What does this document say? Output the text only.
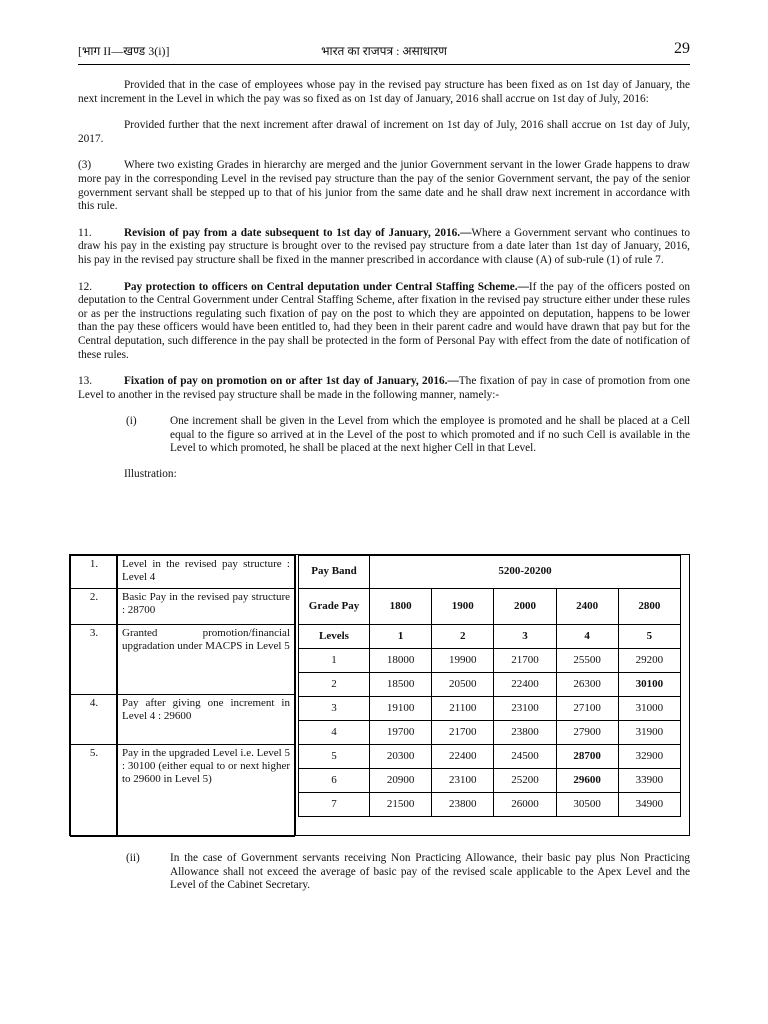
[भाग II—खण्ड 3(i)]	भारत का राजपत्र : असाधारण	29

Provided that in the case of employees whose pay in the revised pay structure has been fixed as on 1st day of January, the next increment in the Level in which the pay was so fixed as on 1st day of January, 2016 shall accrue on 1st day of July, 2016:

Provided further that the next increment after drawal of increment on 1st day of July, 2016 shall accrue on 1st day of July, 2017.

(3)	Where two existing Grades in hierarchy are merged and the junior Government servant in the lower Grade happens to draw more pay in the corresponding Level in the revised pay structure than the pay of the senior Government servant, the pay of the senior government servant shall be stepped up to that of his junior from the same date and he shall draw next increment in accordance with this rule.

11.	Revision of pay from a date subsequent to 1st day of January, 2016.—Where a Government servant who continues to draw his pay in the existing pay structure is brought over to the revised pay structure from a date later than 1st day of January, 2016, his pay in the revised pay structure shall be fixed in the manner prescribed in accordance with clause (A) of sub-rule (1) of rule 7.

12.	Pay protection to officers on Central deputation under Central Staffing Scheme.—If the pay of the officers posted on deputation to the Central Government under Central Staffing Scheme, after fixation in the revised pay structure either under these rules or as per the instructions regulating such fixation of pay on the post to which they are appointed on deputation, happens to be lower than the pay these officers would have been entitled to, had they been in their parent cadre and would have drawn that pay but for the Central deputation, such difference in the pay shall be protected in the form of Personal Pay with effect from the date of notification of these rules.

13.	Fixation of pay on promotion on or after 1st day of January, 2016.—The fixation of pay in case of promotion from one Level to another in the revised pay structure shall be made in the following manner, namely:-

(i)	One increment shall be given in the Level from which the employee is promoted and he shall be placed at a Cell equal to the figure so arrived at in the Level of the post to which promoted and if no such Cell is available in the Level to which promoted, he shall be placed at the next higher Cell in that Level.
Illustration:
1.	Level in the revised pay structure : Level 4
2.	Basic Pay in the revised pay structure : 28700
3.	Granted promotion/financial upgradation under MACPS in Level 5
4.	Pay after giving one increment in Level 4 : 29600
5.	Pay in the upgraded Level i.e. Level 5 : 30100 (either equal to or next higher to 29600 in Level 5)
Pay Band	5200-20200				
Grade Pay	1800	1900	2000	2400	2800
Levels	1	2	3	4	5
1	18000	19900	21700	25500	29200
2	18500	20500	22400	26300	30100
3	19100	21100	23100	27100	31000
4	19700	21700	23800	27900	31900
5	20300	22400	24500	28700	32900
6	20900	23100	25200	29600	33900
7	21500	23800	26000	30500	34900
(ii)	In the case of Government servants receiving Non Practicing Allowance, their basic pay plus Non Practicing Allowance shall not exceed the average of basic pay of the revised scale applicable to the Apex Level and the Level of the Cabinet Secretary.
